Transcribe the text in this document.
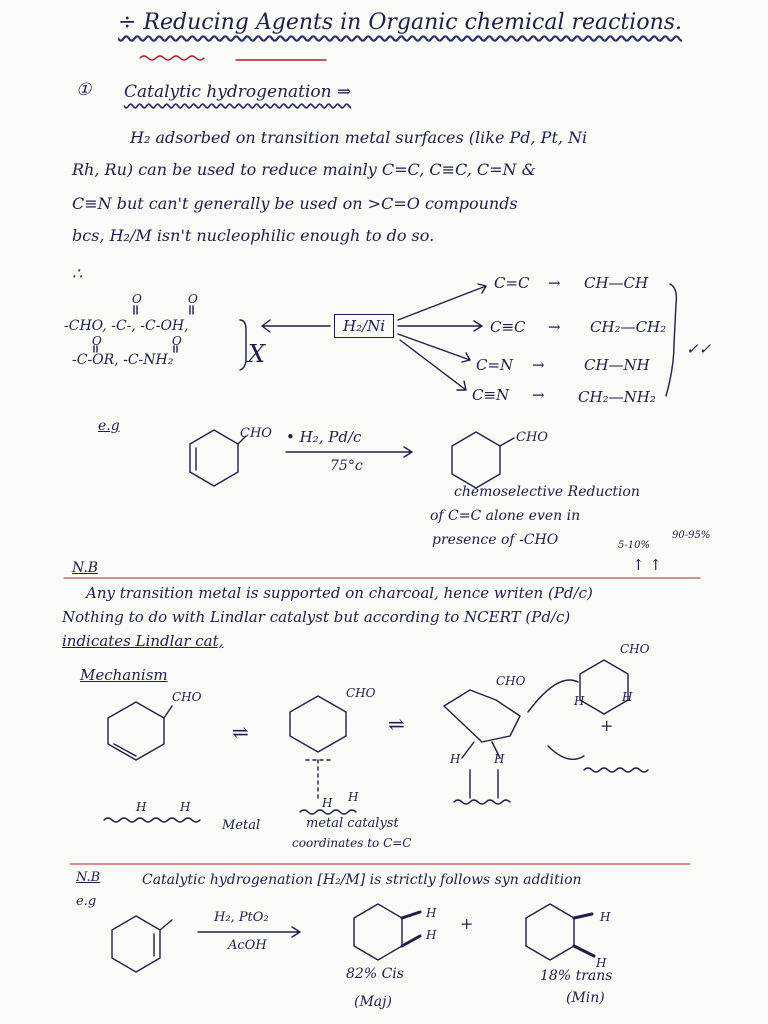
÷ Reducing Agents in Organic chemical reactions.
① Catalytic hydrogenation ⇒
H₂ adsorbed on transition metal surfaces (like Pd, Pt, Ni
Rh, Ru) can be used to reduce mainly C=C, C≡C, C=N &
C≡N but can't generally be used on >C=O compounds
bcs, H₂/M isn't nucleophilic enough to do so.
∴
O	O
-CHO, -C-, -C-OH,
O	O
-C-OR, -C-NH₂	X
H₂/Ni
C=C → CH—CH
C≡C → CH₂—CH₂
C=N →	CH—NH
C≡N → CH₂—NH₂
✓✓
e.g	CHO • H₂, Pd/c
75°c
CHO
chemoselective Reduction
of C=C alone even in
presence of -CHO	5-10%
90-95%
↑ ↑
N.B
Any transition metal is supported on charcoal, hence writen (Pd/c)
Nothing to do with Lindlar catalyst but according to NCERT (Pd/c)
indicates Lindlar cat,
Mechanism
CHO
⇌
CHO
⇌
CHO
CHO
H	H
H	H
+
H	H	H H
Metal	metal catalyst
coordinates to C=C
N.B
e.g
Catalytic hydrogenation [H₂/M] is strictly follows syn addition
H₂, PtO₂
AcOH
H
H
+	H
H
82% Cis
(Maj)
18% trans
(Min)
